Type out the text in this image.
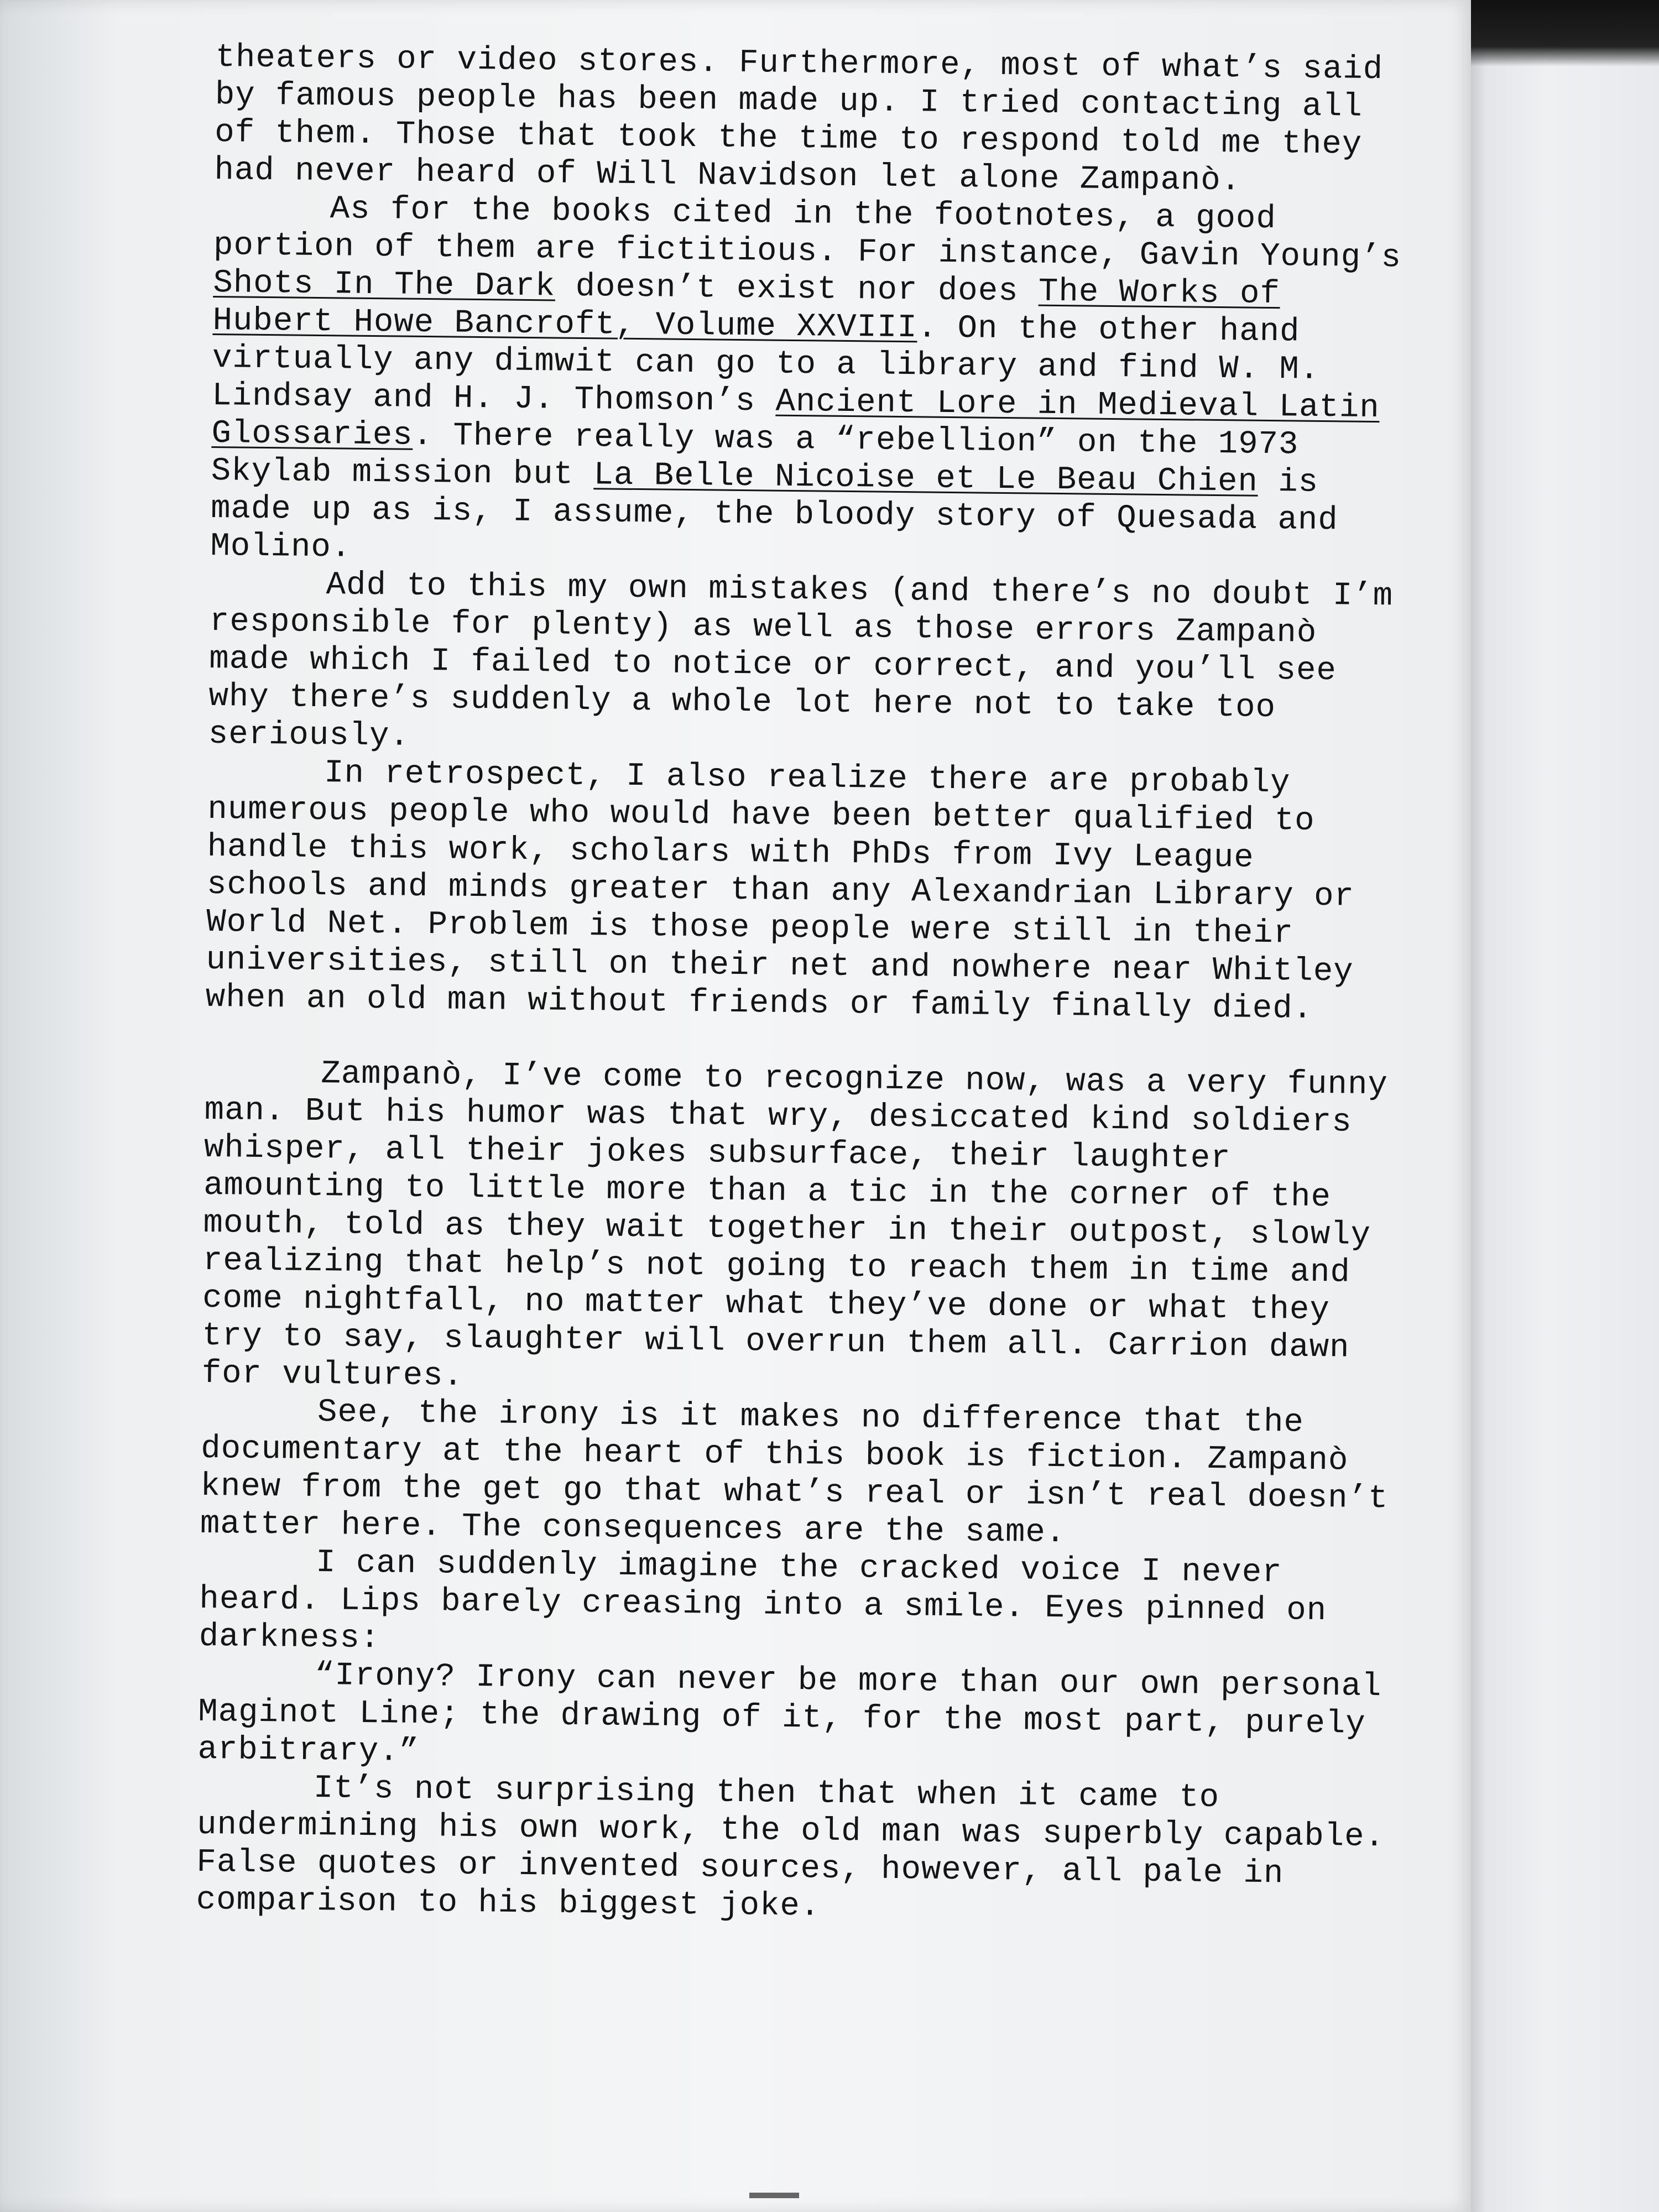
theaters or video stores. Furthermore, most of what’s said by famous people has been made up. I tried contacting all of them. Those that took the time to respond told me they had never heard of Will Navidson let alone Zampanò.

As for the books cited in the footnotes, a good portion of them are fictitious. For instance, Gavin Young’s Shots In The Dark doesn’t exist nor does The Works of Hubert Howe Bancroft, Volume XXVIII. On the other hand virtually any dimwit can go to a library and find W. M. Lindsay and H. J. Thomson’s Ancient Lore in Medieval Latin Glossaries. There really was a “rebellion” on the 1973 Skylab mission but La Belle Nicoise et Le Beau Chien is made up as is, I assume, the bloody story of Quesada and Molino.

Add to this my own mistakes (and there’s no doubt I’m responsible for plenty) as well as those errors Zampanò made which I failed to notice or correct, and you’ll see why there’s suddenly a whole lot here not to take too seriously.

In retrospect, I also realize there are probably numerous people who would have been better qualified to handle this work, scholars with PhDs from Ivy League schools and minds greater than any Alexandrian Library or World Net. Problem is those people were still in their universities, still on their net and nowhere near Whitley when an old man without friends or family finally died.

Zampanò, I’ve come to recognize now, was a very funny man. But his humor was that wry, desiccated kind soldiers whisper, all their jokes subsurface, their laughter amounting to little more than a tic in the corner of the mouth, told as they wait together in their outpost, slowly realizing that help’s not going to reach them in time and come nightfall, no matter what they’ve done or what they try to say, slaughter will overrun them all. Carrion dawn for vultures.

See, the irony is it makes no difference that the documentary at the heart of this book is fiction. Zampanò knew from the get go that what’s real or isn’t real doesn’t matter here. The consequences are the same.

I can suddenly imagine the cracked voice I never heard. Lips barely creasing into a smile. Eyes pinned on darkness:

“Irony? Irony can never be more than our own personal Maginot Line; the drawing of it, for the most part, purely arbitrary.”

It’s not surprising then that when it came to undermining his own work, the old man was superbly capable. False quotes or invented sources, however, all pale in comparison to his biggest joke.
